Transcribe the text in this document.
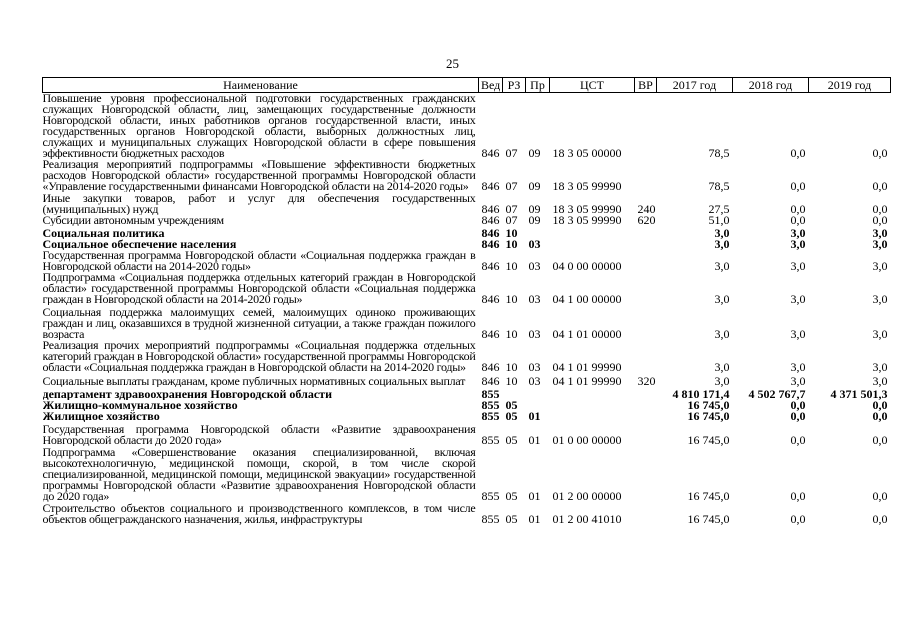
25
Наименование	Вед	РЗ	Пр	ЦСТ	ВР	2017 год	2018 год	2019 год
Повышение уровня профессиональной подготовки государственных гражданских служащих Новгородской области, лиц, замещающих государственные должности Новгородской области, иных работников органов государственной власти, иных государственных органов Новгородской области, выборных должностных лиц, служащих и муниципальных служащих Новгородской области в сфере повышения эффективности бюджетных расходов	846	07	09	18 3 05 00000		78,5	0,0	0,0
Реализация мероприятий подпрограммы «Повышение эффективности бюджетных расходов Новгородской области» государственной программы Новгородской области «Управление государственными финансами Новгородской области на 2014-2020 годы»	846	07	09	18 3 05 99990		78,5	0,0	0,0
Иные закупки товаров, работ и услуг для обеспечения государственных (муниципальных) нужд	846	07	09	18 3 05 99990	240	27,5	0,0	0,0
Субсидии автономным учреждениям	846	07	09	18 3 05 99990	620	51,0	0,0	0,0
Социальная политика	846	10				3,0	3,0	3,0
Социальное обеспечение населения	846	10	03			3,0	3,0	3,0
Государственная программа Новгородской области «Социальная поддержка граждан в Новгородской области на 2014-2020 годы»	846	10	03	04 0 00 00000		3,0	3,0	3,0
Подпрограмма «Социальная поддержка отдельных категорий граждан в Новгородской области» государственной программы Новгородской области «Социальная поддержка граждан в Новгородской области на 2014-2020 годы»	846	10	03	04 1 00 00000		3,0	3,0	3,0
Социальная поддержка малоимущих семей, малоимущих одиноко проживающих граждан и лиц, оказавшихся в трудной жизненной ситуации, а также граждан пожилого возраста	846	10	03	04 1 01 00000		3,0	3,0	3,0
Реализация прочих мероприятий подпрограммы «Социальная поддержка отдельных категорий граждан в Новгородской области» государственной программы Новгородской области «Социальная поддержка граждан в Новгородской области на 2014-2020 годы»	846	10	03	04 1 01 99990		3,0	3,0	3,0
Социальные выплаты гражданам, кроме публичных нормативных социальных выплат	846	10	03	04 1 01 99990	320	3,0	3,0	3,0
департамент здравоохранения Новгородской области	855					4 810 171,4	4 502 767,7	4 371 501,3
Жилищно-коммунальное хозяйство	855	05				16 745,0	0,0	0,0
Жилищное хозяйство	855	05	01			16 745,0	0,0	0,0
Государственная программа Новгородской области «Развитие здравоохранения Новгородской области до 2020 года»	855	05	01	01 0 00 00000		16 745,0	0,0	0,0
Подпрограмма «Совершенствование оказания специализированной, включая высокотехнологичную, медицинской помощи, скорой, в том числе скорой специализированной, медицинской помощи, медицинской эвакуации» государственной программы Новгородской области «Развитие здравоохранения Новгородской области до 2020 года»	855	05	01	01 2 00 00000		16 745,0	0,0	0,0
Строительство объектов социального и производственного комплексов, в том числе объектов общегражданского назначения, жилья, инфраструктуры	855	05	01	01 2 00 41010		16 745,0	0,0	0,0
